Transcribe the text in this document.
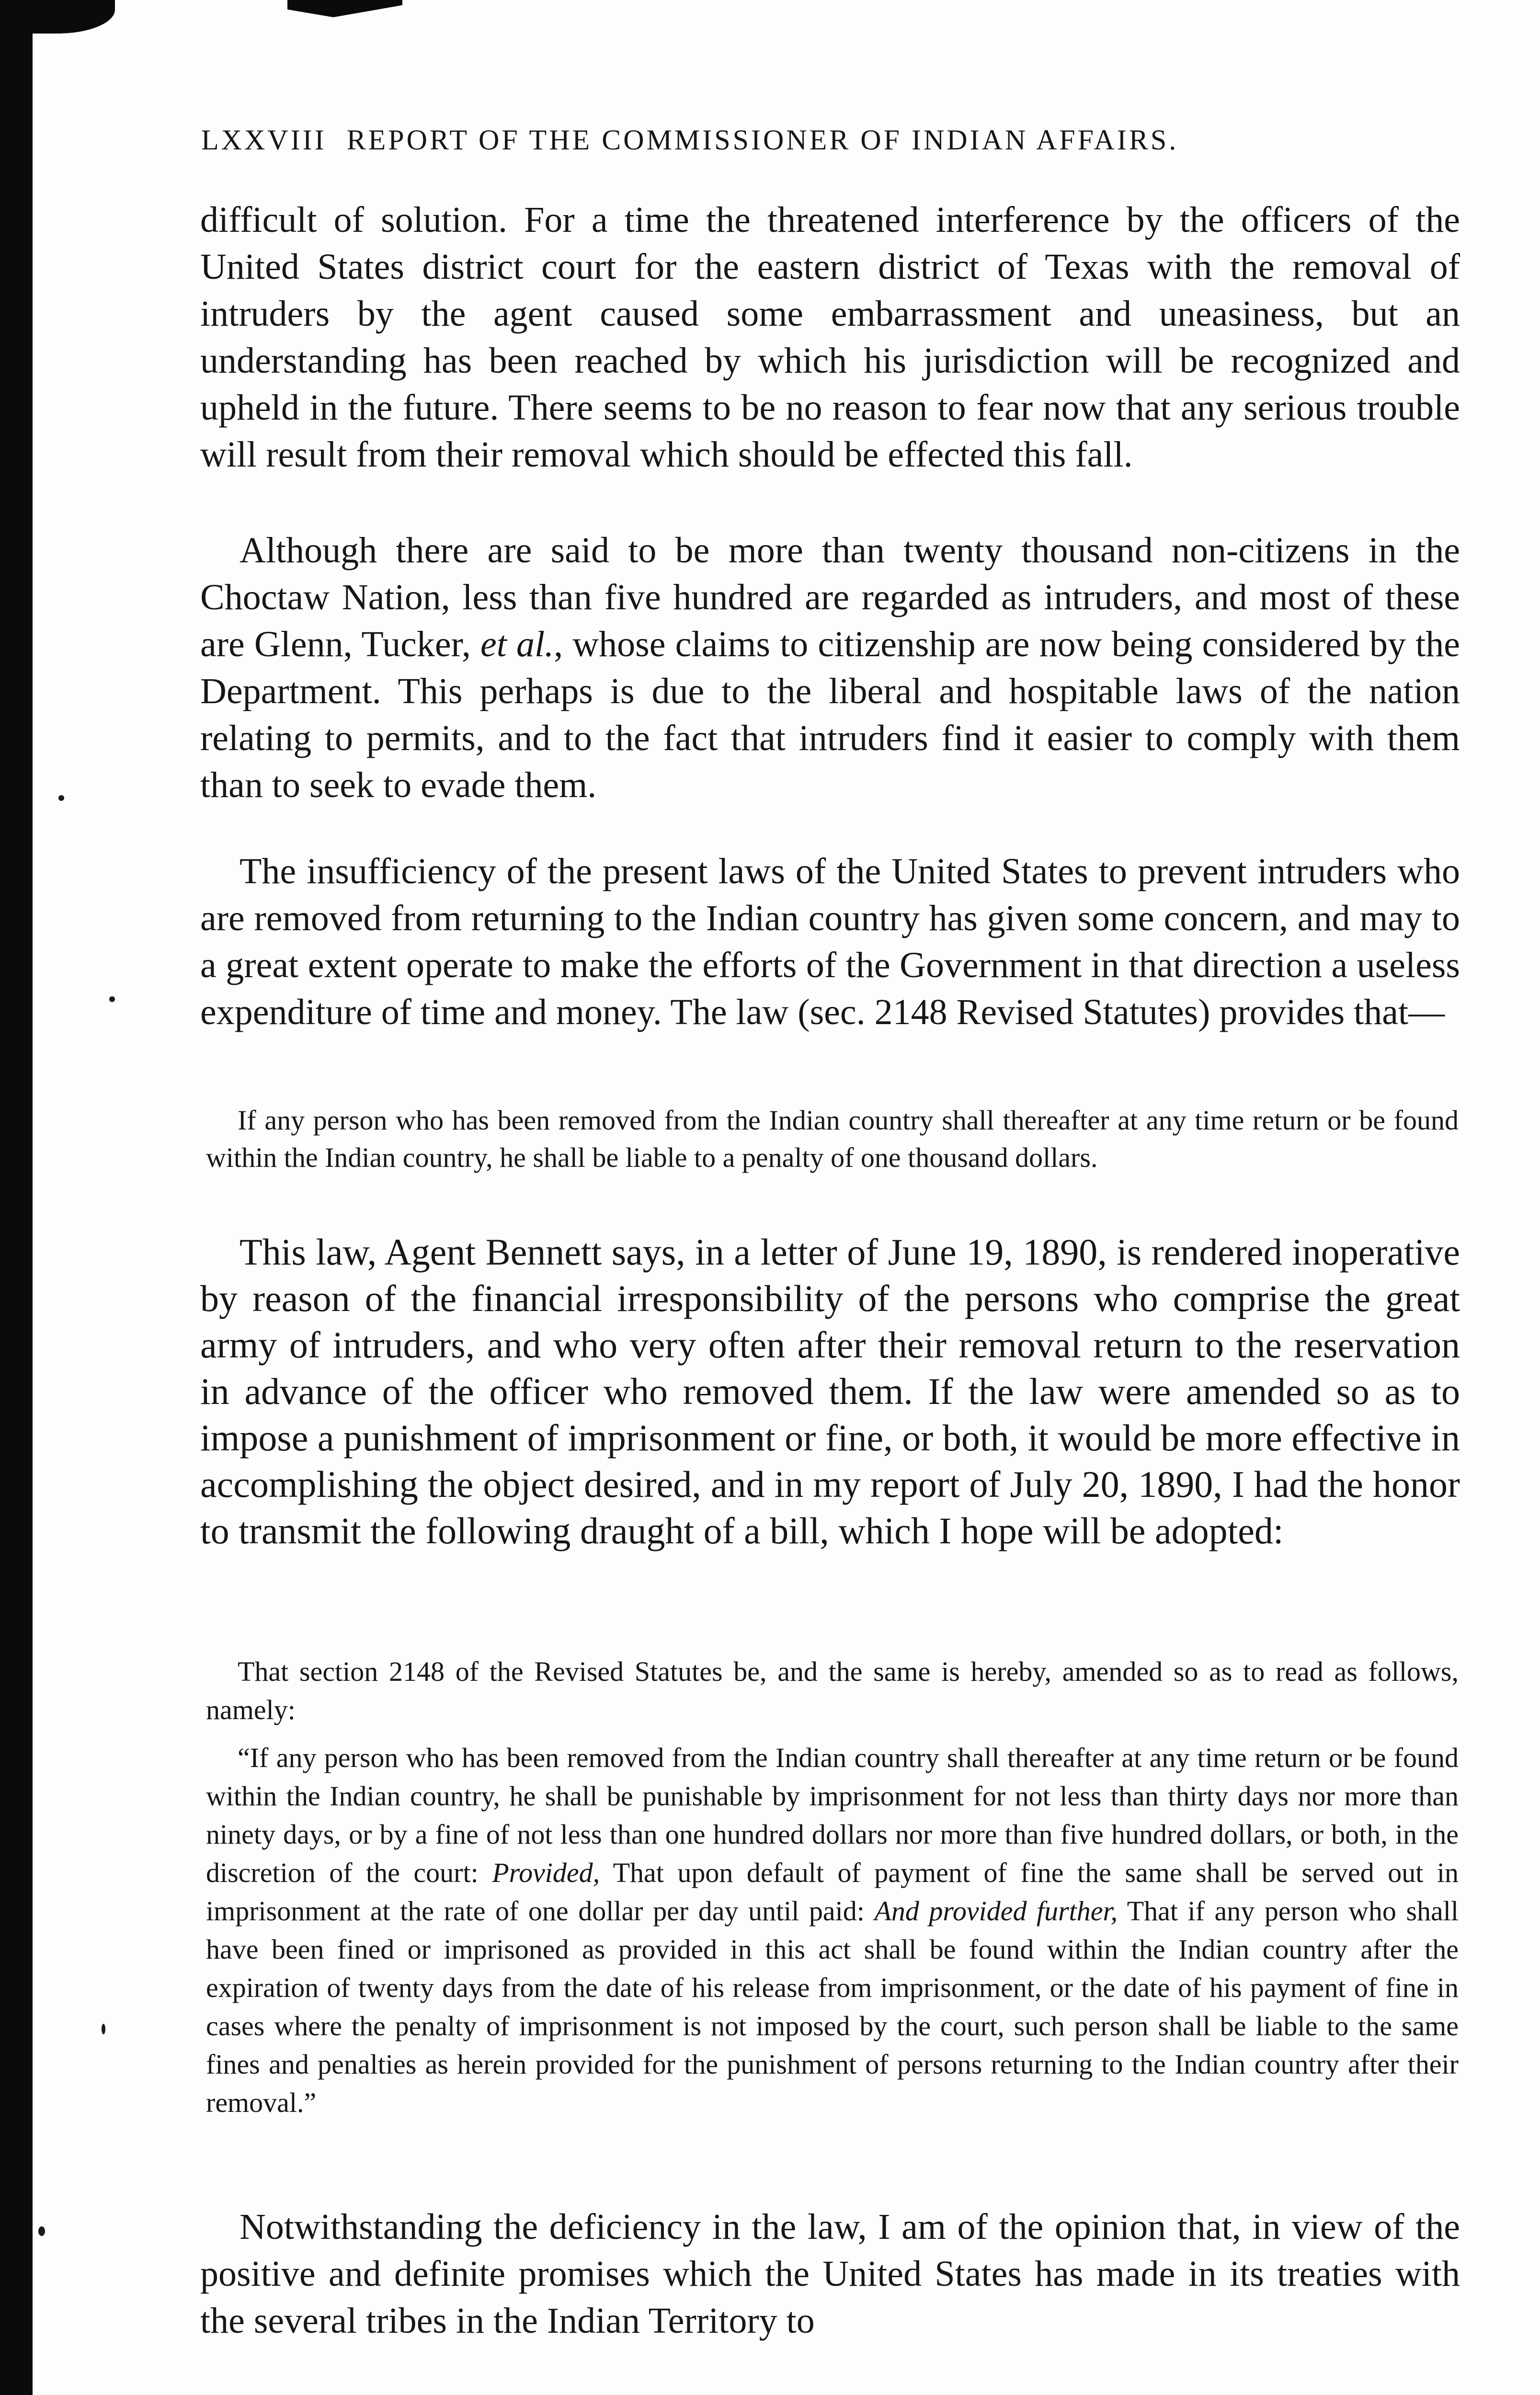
LXXVIII REPORT OF THE COMMISSIONER OF INDIAN AFFAIRS.

difficult of solution. For a time the threatened interference by the officers of the United States district court for the eastern district of Texas with the removal of intruders by the agent caused some embarrassment and uneasiness, but an understanding has been reached by which his jurisdiction will be recognized and upheld in the future. There seems to be no reason to fear now that any serious trouble will result from their removal which should be effected this fall.

Although there are said to be more than twenty thousand non-citizens in the Choctaw Nation, less than five hundred are regarded as intruders, and most of these are Glenn, Tucker, et al., whose claims to citizenship are now being considered by the Department. This perhaps is due to the liberal and hospitable laws of the nation relating to permits, and to the fact that intruders find it easier to comply with them than to seek to evade them.

The insufficiency of the present laws of the United States to prevent intruders who are removed from returning to the Indian country has given some concern, and may to a great extent operate to make the efforts of the Government in that direction a useless expenditure of time and money. The law (sec. 2148 Revised Statutes) provides that—

If any person who has been removed from the Indian country shall thereafter at any time return or be found within the Indian country, he shall be liable to a penalty of one thousand dollars.

This law, Agent Bennett says, in a letter of June 19, 1890, is rendered inoperative by reason of the financial irresponsibility of the persons who comprise the great army of intruders, and who very often after their removal return to the reservation in advance of the officer who removed them. If the law were amended so as to impose a punishment of imprisonment or fine, or both, it would be more effective in accomplishing the object desired, and in my report of July 20, 1890, I had the honor to transmit the following draught of a bill, which I hope will be adopted:

That section 2148 of the Revised Statutes be, and the same is hereby, amended so as to read as follows, namely:

“If any person who has been removed from the Indian country shall thereafter at any time return or be found within the Indian country, he shall be punishable by imprisonment for not less than thirty days nor more than ninety days, or by a fine of not less than one hundred dollars nor more than five hundred dollars, or both, in the discretion of the court: Provided, That upon default of payment of fine the same shall be served out in imprisonment at the rate of one dollar per day until paid: And provided further, That if any person who shall have been fined or imprisoned as provided in this act shall be found within the Indian country after the expiration of twenty days from the date of his release from imprisonment, or the date of his payment of fine in cases where the penalty of imprisonment is not imposed by the court, such person shall be liable to the same fines and penalties as herein provided for the punishment of persons returning to the Indian country after their removal.”

Notwithstanding the deficiency in the law, I am of the opinion that, in view of the positive and definite promises which the United States has made in its treaties with the several tribes in the Indian Territory to
